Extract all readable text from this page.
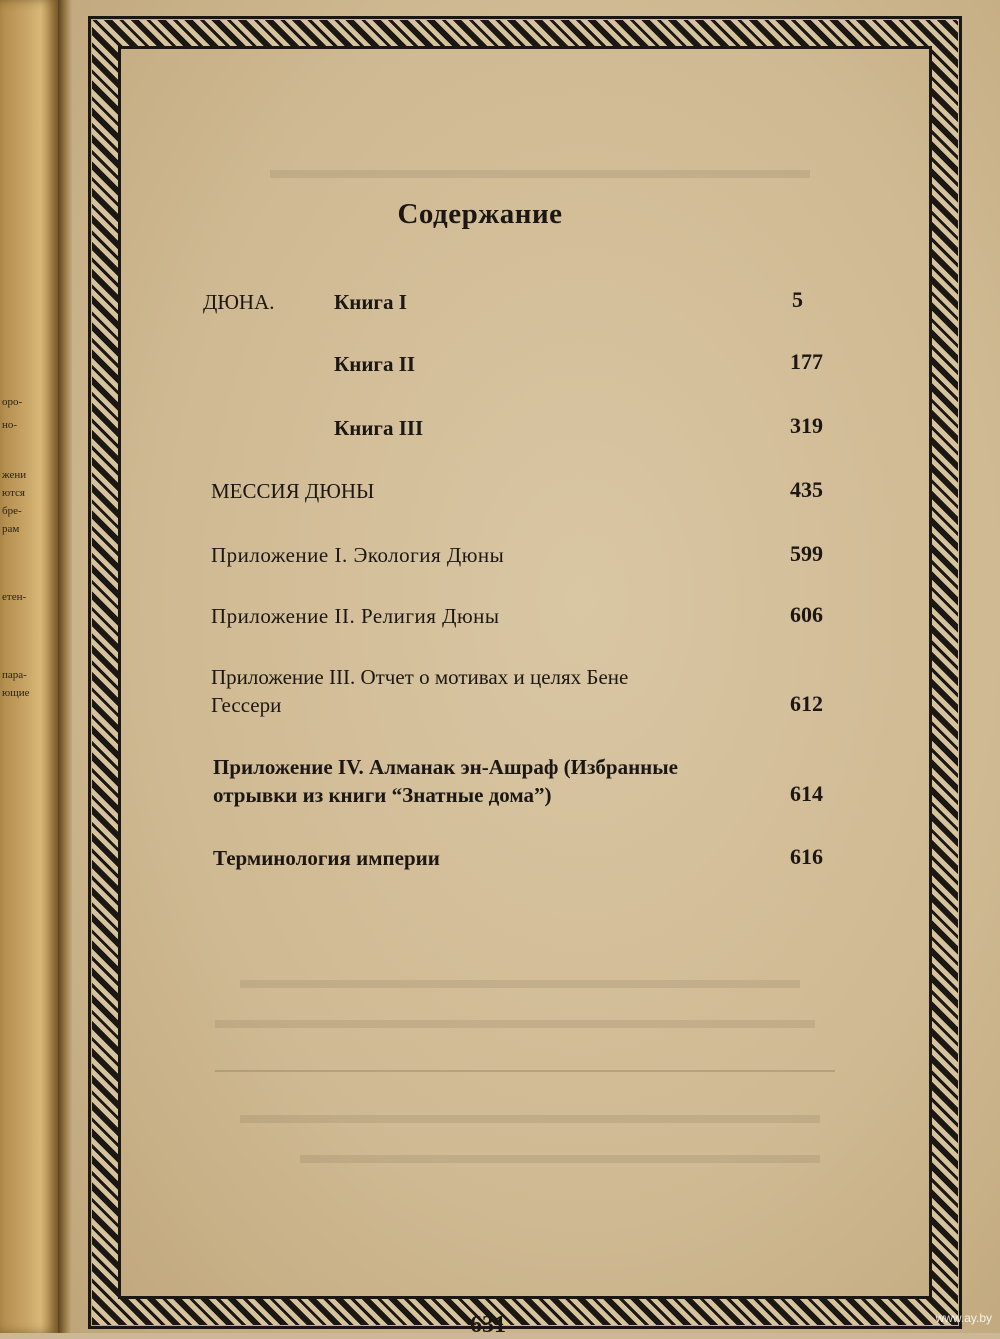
оро-
но-
жени
ются
бре-
рам
етен-
пара-
ющие
Содержание
ДЮНА.	Книга I	5
Книга II	177
Книга III	319
МЕССИЯ ДЮНЫ	435
Приложение I. Экология Дюны	599
Приложение II. Религия Дюны	606
Приложение III. Отчет о мотивах и целях Бене
Гессери	612
Приложение IV. Алманак эн-Ашраф (Избранные
отрывки из книги “Знатные дома”)	614
Терминология империи	616
631	www.ay.by
